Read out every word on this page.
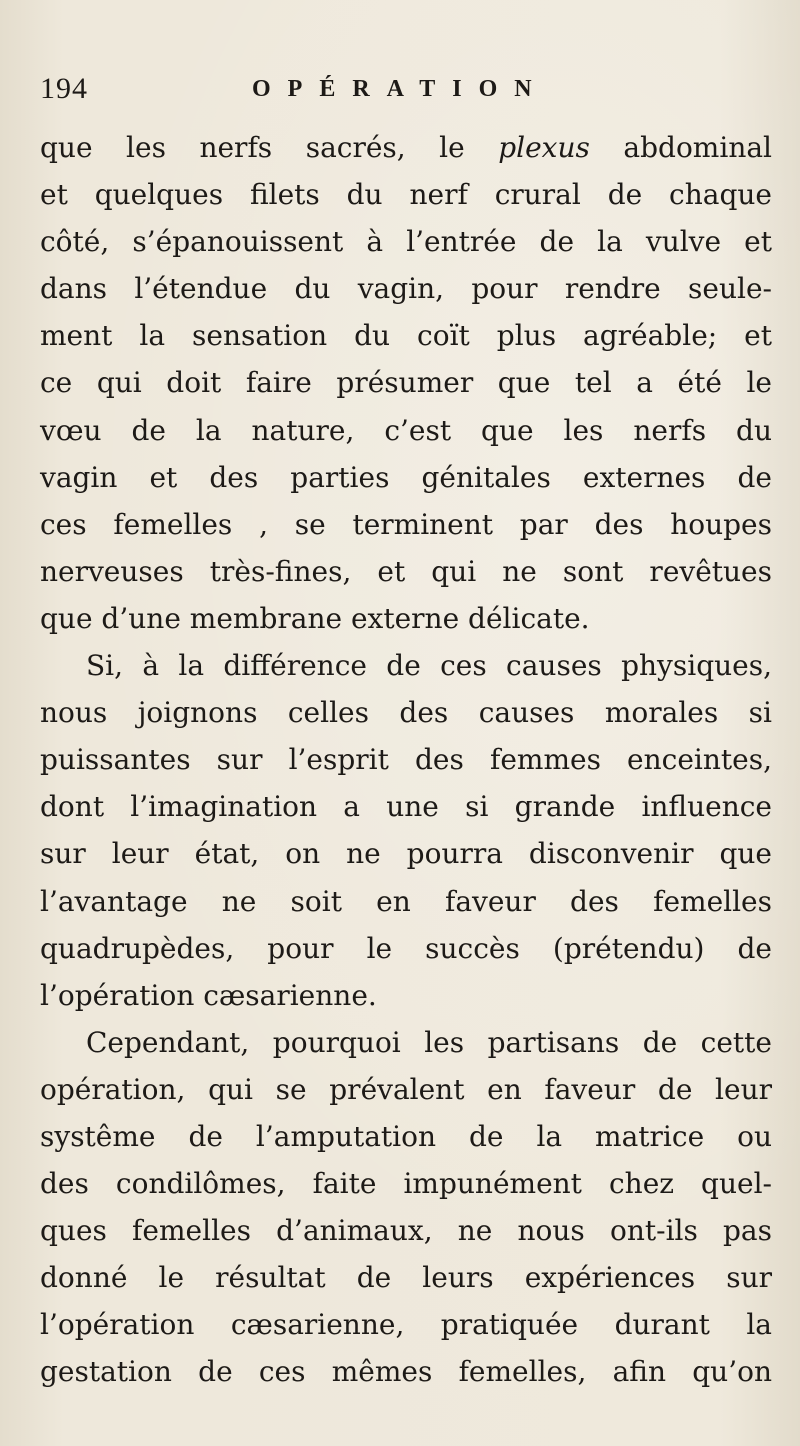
194	OPÉRATION
que les nerfs sacrés, le plexus abdominal
et quelques filets du nerf crural de chaque
côté, s’épanouissent à l’entrée de la vulve et
dans l’étendue du vagin, pour rendre seule-
ment la sensation du coït plus agréable; et
ce qui doit faire présumer que tel a été le
vœu de la nature, c’est que les nerfs du
vagin et des parties génitales externes de
ces femelles , se terminent par des houpes
nerveuses très-fines, et qui ne sont revêtues
que d’une membrane externe délicate.
Si, à la différence de ces causes physiques,
nous joignons celles des causes morales si
puissantes sur l’esprit des femmes enceintes,
dont l’imagination a une si grande influence
sur leur état, on ne pourra disconvenir que
l’avantage ne soit en faveur des femelles
quadrupèdes, pour le succès (prétendu) de
l’opération cæsarienne.
Cependant, pourquoi les partisans de cette
opération, qui se prévalent en faveur de leur
systême de l’amputation de la matrice ou
des condilômes, faite impunément chez quel-
ques femelles d’animaux, ne nous ont-ils pas
donné le résultat de leurs expériences sur
l’opération cæsarienne, pratiquée durant la
gestation de ces mêmes femelles, afin qu’on
